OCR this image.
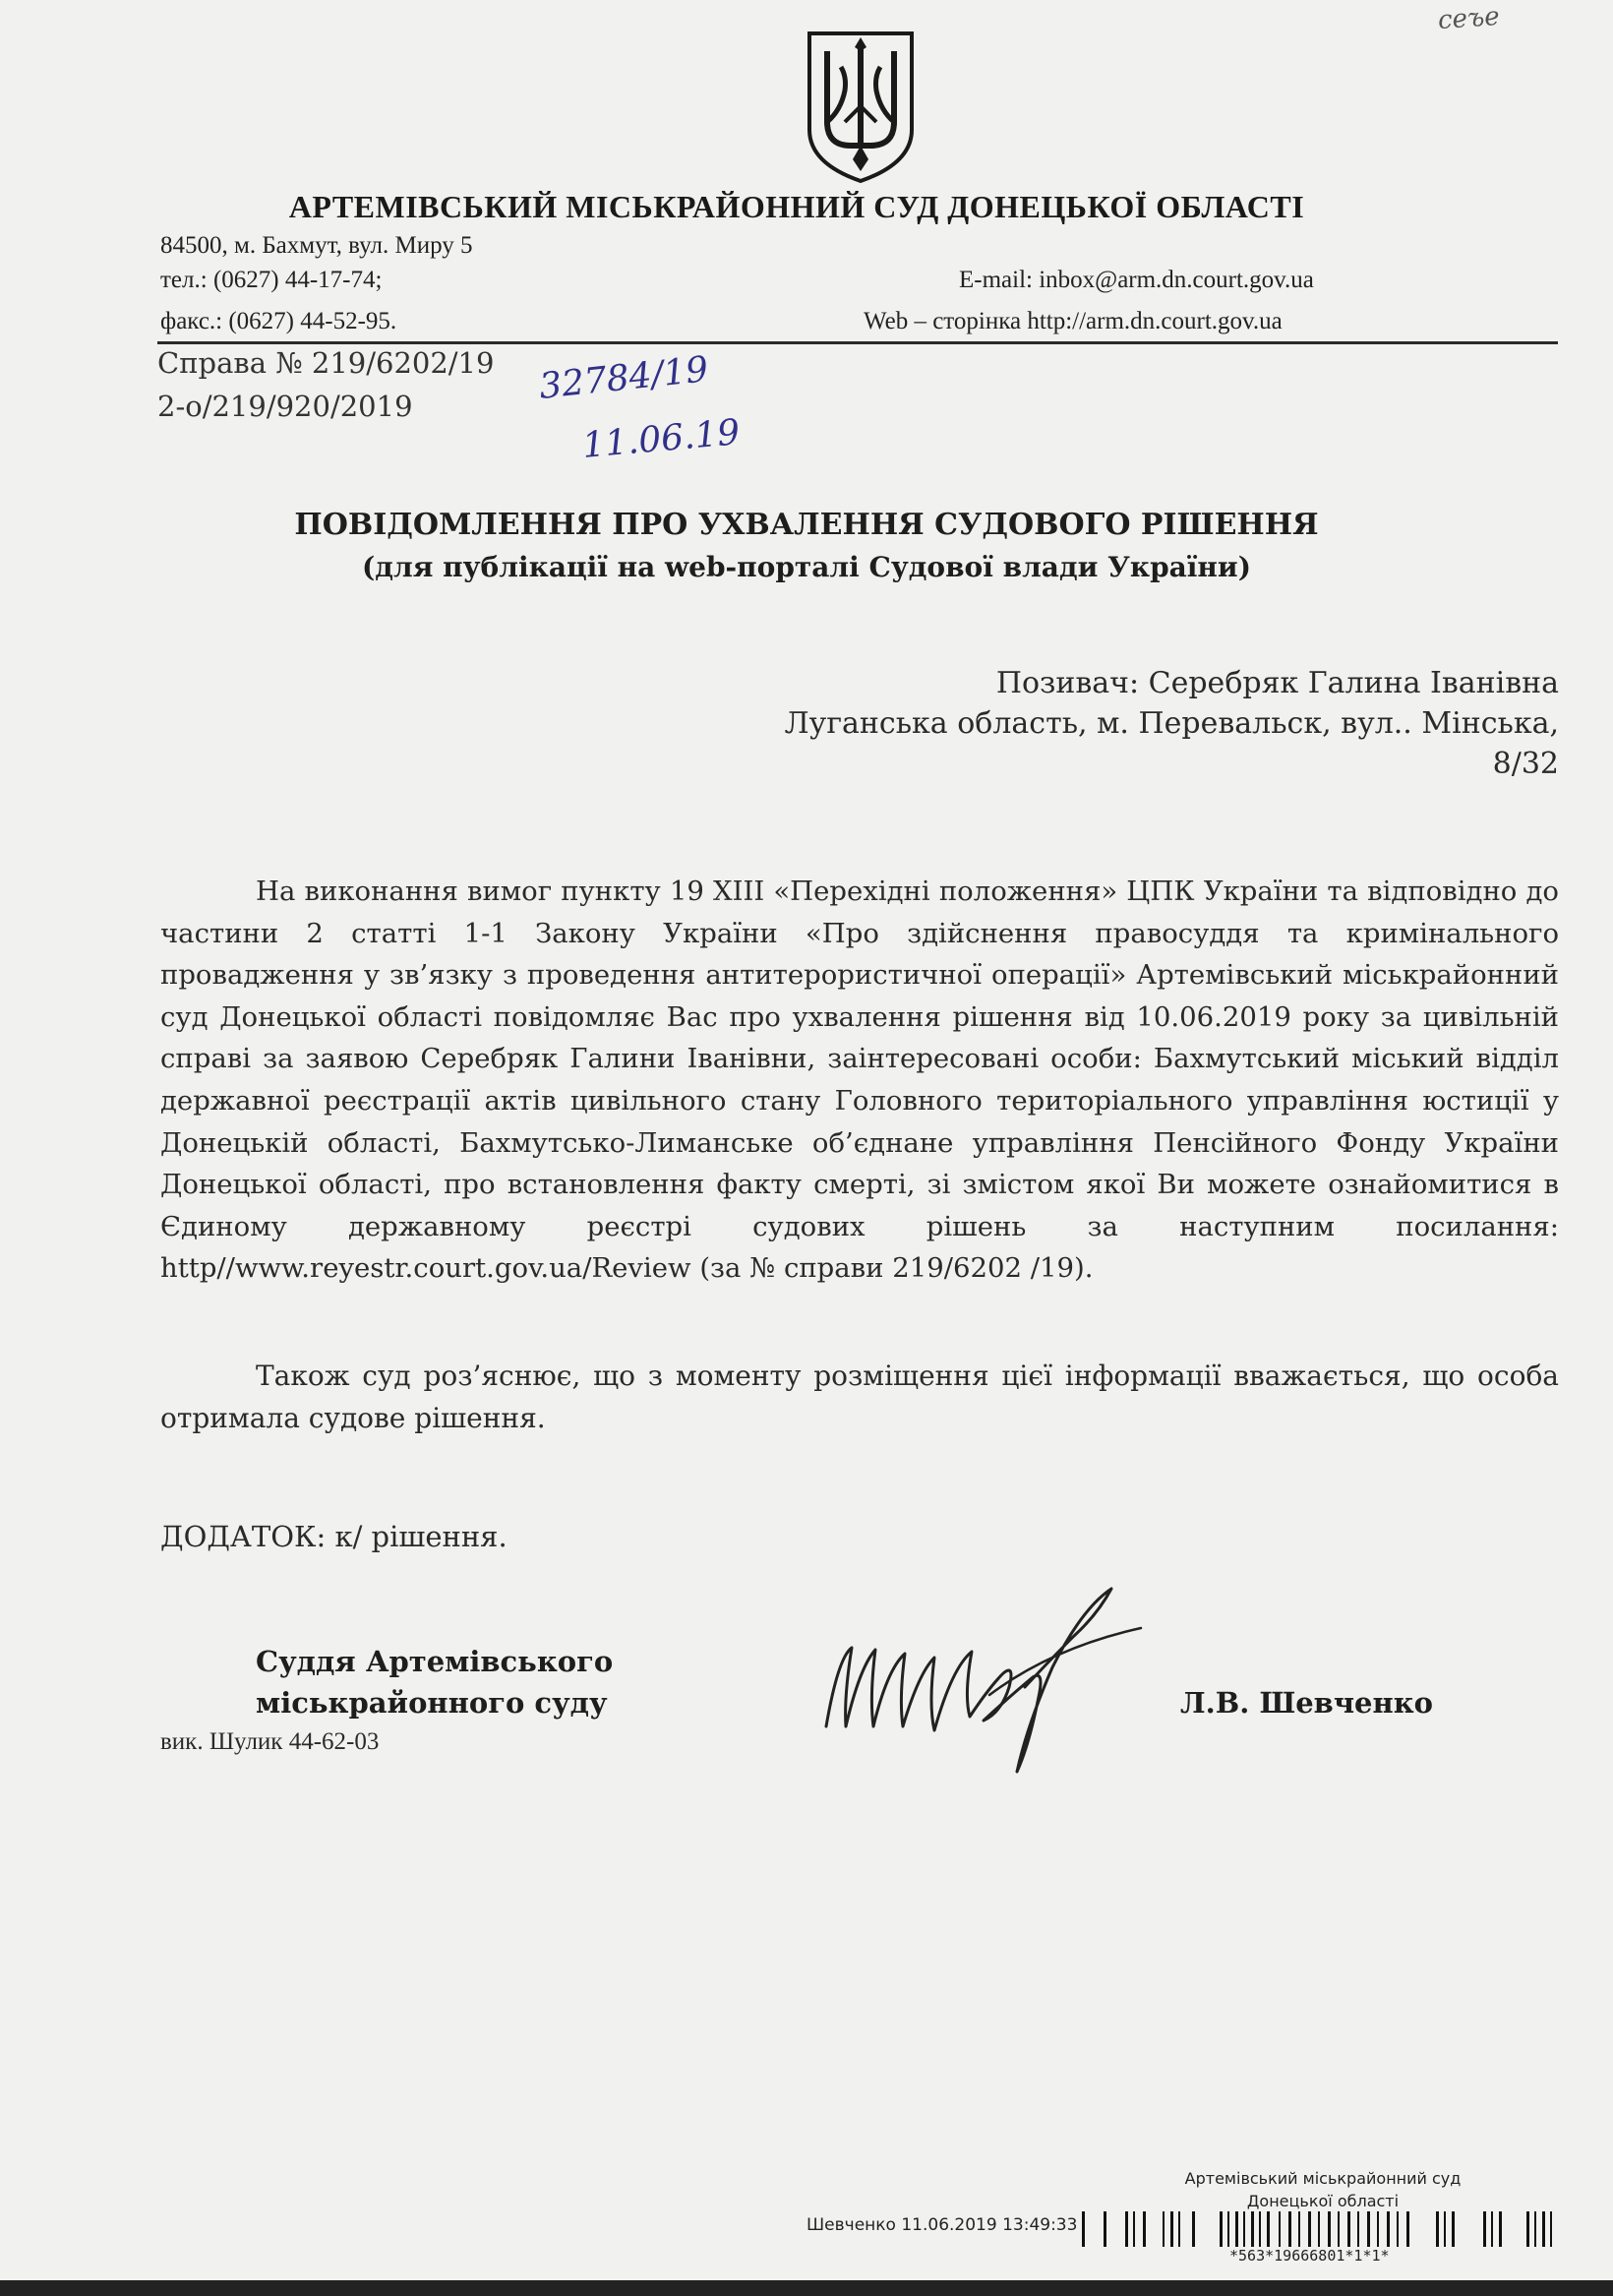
сеъе
АРТЕМІВСЬКИЙ МІСЬКРАЙОННИЙ СУД ДОНЕЦЬКОЇ ОБЛАСТІ
84500, м. Бахмут, вул. Миру 5
тел.: (0627) 44-17-74;	E-mail: inbox@arm.dn.court.gov.ua
факс.: (0627) 44-52-95.	Web – сторінка http://arm.dn.court.gov.ua
Справа № 219/6202/19
2-о/219/920/2019	32784/19
11.06.19
ПОВІДОМЛЕННЯ ПРО УХВАЛЕННЯ СУДОВОГО РІШЕННЯ
(для публікації на web-порталі Судової влади України)
Позивач: Серебряк Галина Іванівна
Луганська область, м. Перевальск, вул.. Мінська,
8/32
На виконання вимог пункту 19 ХІІІ «Перехідні положення» ЦПК України та відповідно до частини 2 статті 1-1 Закону України «Про здійснення правосуддя та кримінального провадження у зв’язку з проведення антитерористичної операції» Артемівський міськрайонний суд Донецької області повідомляє Вас про ухвалення рішення від 10.06.2019 року за цивільній справі за заявою Серебряк Галини Іванівни, заінтересовані особи: Бахмутський міський відділ державної реєстрації актів цивільного стану Головного територіального управління юстиції у Донецькій області, Бахмутсько-Лиманське об’єднане управління Пенсійного Фонду України Донецької області, про встановлення факту смерті, зі змістом якої Ви можете ознайомитися в Єдиному державному реєстрі судових рішень за наступним посилання: http//www.reyestr.court.gov.ua/Review (за № справи 219/6202 /19).
Також суд роз’яснює, що з моменту розміщення цієї інформації вважається, що особа отримала судове рішення.
ДОДАТОК: к/ рішення.
Суддя Артемівського
міськрайонного суду
вик. Шулик 44-62-03
Л.В. Шевченко
Артемівський міськрайонний суд
Донецької області
Шевченко 11.06.2019 13:49:33
*563*19666801*1*1*
